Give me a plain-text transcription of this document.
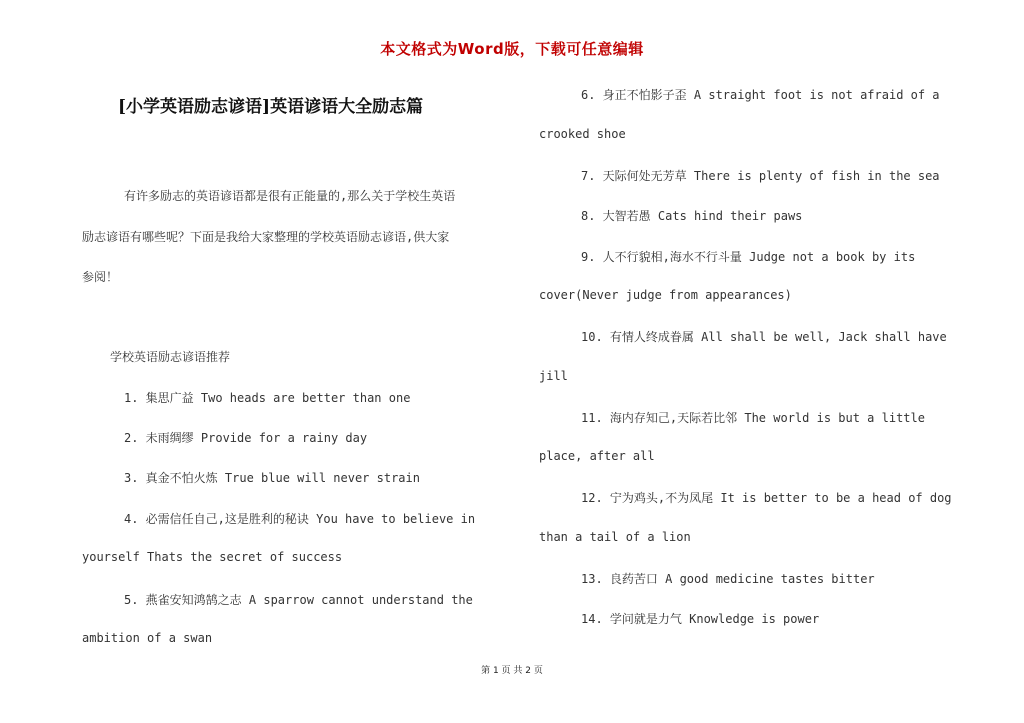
本文格式为Word版，下载可任意编辑
[小学英语励志谚语]英语谚语大全励志篇
有许多励志的英语谚语都是很有正能量的,那么关于学校生英语
励志谚语有哪些呢？下面是我给大家整理的学校英语励志谚语,供大家
参阅！
学校英语励志谚语推荐
1. 集思广益 Two heads are better than one
2. 未雨绸缪 Provide for a rainy day
3. 真金不怕火炼 True blue will never strain
4. 必需信任自己,这是胜利的秘诀 You have to believe in
yourself Thats the secret of success
5. 燕雀安知鸿鹄之志 A sparrow cannot understand the
ambition of a swan
6. 身正不怕影子歪 A straight foot is not afraid of a
crooked shoe
7. 天际何处无芳草 There is plenty of fish in the sea
8. 大智若愚 Cats hind their paws
9. 人不行貌相,海水不行斗量 Judge not a book by its
cover(Never judge from appearances)
10. 有情人终成眷属 All shall be well, Jack shall have
jill
11. 海内存知己,天际若比邻 The world is but a little
place, after all
12. 宁为鸡头,不为凤尾 It is better to be a head of dog
than a tail of a lion
13. 良药苦口 A good medicine tastes bitter
14. 学问就是力气 Knowledge is power
第 1 页 共 2 页
